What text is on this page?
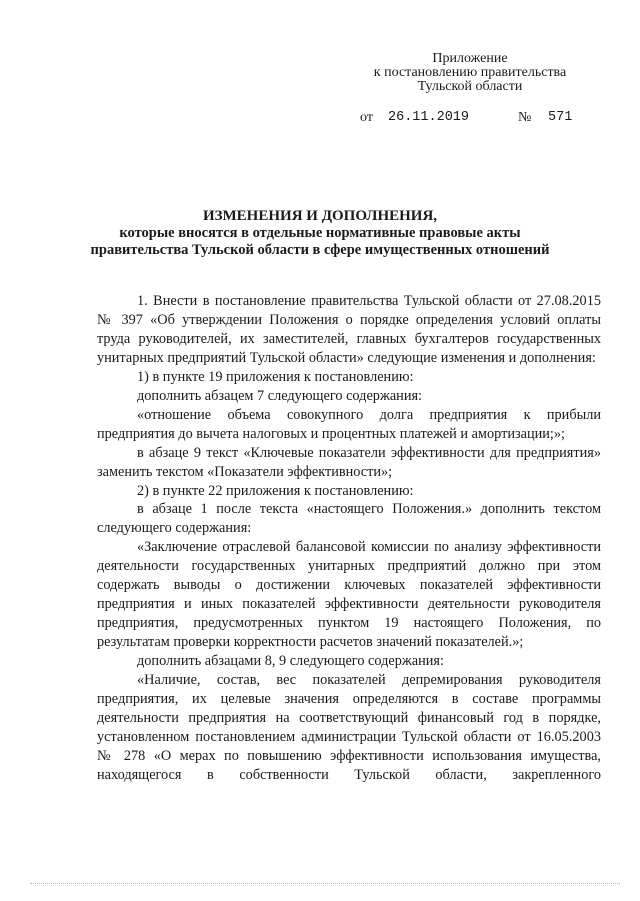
Приложение
к постановлению правительства
Тульской области
от 26.11.2019	№ 571
ИЗМЕНЕНИЯ И ДОПОЛНЕНИЯ,
которые вносятся в отдельные нормативные правовые акты
правительства Тульской области в сфере имущественных отношений

1. Внести в постановление правительства Тульской области от 27.08.2015 № 397 «Об утверждении Положения о порядке определения условий оплаты труда руководителей, их заместителей, главных бухгалтеров государственных унитарных предприятий Тульской области» следующие изменения и дополнения:

1) в пункте 19 приложения к постановлению:

дополнить абзацем 7 следующего содержания:

«отношение объема совокупного долга предприятия к прибыли предприятия до вычета налоговых и процентных платежей и амортизации;»;

в абзаце 9 текст «Ключевые показатели эффективности для предприятия» заменить текстом «Показатели эффективности»;

2) в пункте 22 приложения к постановлению:

в абзаце 1 после текста «настоящего Положения.» дополнить текстом следующего содержания:

«Заключение отраслевой балансовой комиссии по анализу эффективности деятельности государственных унитарных предприятий должно при этом содержать выводы о достижении ключевых показателей эффективности предприятия и иных показателей эффективности деятельности руководителя предприятия, предусмотренных пунктом 19 настоящего Положения, по результатам проверки корректности расчетов значений показателей.»;

дополнить абзацами 8, 9 следующего содержания:

«Наличие, состав, вес показателей депремирования руководителя предприятия, их целевые значения определяются в составе программы деятельности предприятия на соответствующий финансовый год в порядке, установленном постановлением администрации Тульской области от 16.05.2003 № 278 «О мерах по повышению эффективности использования имущества, находящегося в собственности Тульской области, закрепленного
